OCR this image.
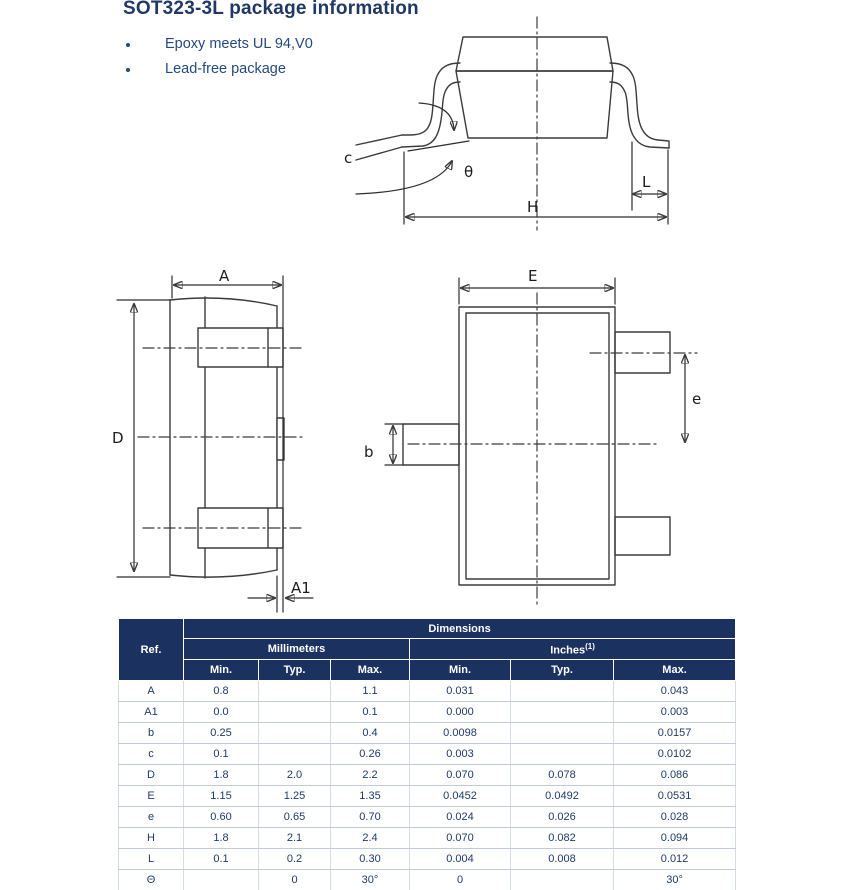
SOT323-3L package information
Epoxy meets UL 94,V0
Lead-free package
c
θ
H
L
A
D
A1
E
b
e
Ref.	Dimensions					
	Millimeters			Inches$^{(1)}$
	Min.	Typ.	Max.	Min.	Typ.	Max.
A	0.8		1.1	0.031		0.043
A1	0.0		0.1	0.000		0.003
b	0.25		0.4	0.0098		0.0157
c	0.1		0.26	0.003		0.0102
D	1.8	2.0	2.2	0.070	0.078	0.086
E	1.15	1.25	1.35	0.0452	0.0492	0.0531
e	0.60	0.65	0.70	0.024	0.026	0.028
H	1.8	2.1	2.4	0.070	0.082	0.094
L	0.1	0.2	0.30	0.004	0.008	0.012
Θ		0	30°	0		30°
